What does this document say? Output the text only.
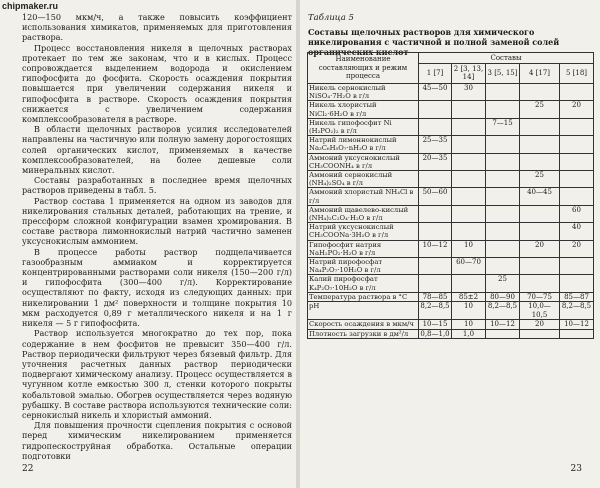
chipmaker.ru

120—150 мкм/ч, а также повысить коэффициент использования химикатов, применяемых для приготовления раствора.

Процесс восстановления никеля в щелочных растворах протекает по тем же законам, что и в кислых. Процесс сопровождается выделением водорода и окислением гипофосфита до фосфита. Скорость осаждения покрытия повышается при увеличении содержания никеля и гипофосфита в растворе. Скорость осаждения покрытия снижается с увеличением содержания комплексообразователя в растворе.

В области щелочных растворов усилия исследователей направлены на частичную или полную замену дорогостоящих солей органических кислот, применяемых в качестве комплексообразователей, на более дешевые соли минеральных кислот.

Составы разработанных в последнее время щелочных растворов приведены в табл. 5.

Раствор состава 1 применяется на одном из заводов для никелирования стальных деталей, работающих на трение, и прессформ сложной конфигурации взамен хромирования. В составе раствора лимоннокислый натрий частично заменен уксуснокислым аммонием.

В процессе работы раствор подщелачивается газообразным аммиаком и корректируется концентрированными растворами соли никеля (150—200 г/л) и гипофосфита (300—400 г/л). Корректирование осуществляют по факту, исходя из следующих данных: при никелировании 1 дм² поверхности и толщине покрытия 10 мкм расходуется 0,89 г металлического никеля и на 1 г никеля — 5 г гипофосфита.

Раствор используется многократно до тех пор, пока содержание в нем фосфитов не превысит 350—400 г/л. Раствор периодически фильтруют через бязевый фильтр. Для уточнения расчетных данных раствор периодически подвергают химическому анализу. Процесс осуществляется в чугунном котле емкостью 300 л, стенки которого покрыты кобальтовой эмалью. Обогрев осуществляется через водяную рубашку. В составе раствора используются технические соли: сернокислый никель и хлористый аммоний.

Для повышения прочности сцепления покрытия с основой перед химическим никелированием применяется гидропескоструйная обработка. Остальные операции подготовки

22	23
Таблица 5
Составы щелочных растворов для химического никелирования с частичной и полной заменой солей органических кислот
Наименование составляющих и режим процесса	Составы				
	1 [7]	2 [3, 13, 14]	3 [5, 15]	4 [17]	5 [18]
Никель сернокислый NiSO₄·7H₂O в г/л	45—50	30			
Никель хлористый NiCl₂·6H₂O в г/л				25	20
Никель гипофосфит Ni (H₂PO₂)₂ в г/л			7—15		
Натрий лимоннокислый Na₃C₆H₅O₇·nH₂O в г/л	25—35				
Аммоний уксуснокислый CH₃COONH₄ в г/л	20—35				
Аммоний сернокислый (NH₄)₂SO₄ в г/л				25	
Аммоний хлористый NH₄Cl в г/л	50—60			40—45	
Аммоний щавелево-кислый (NH₄)₂C₂O₄·H₂O в г/л					60
Натрий уксуснокислый CH₃COONa·3H₂O в г/л					40
Гипофосфит натрия NaH₂PO₂·H₂O в г/л	10—12	10		20	20
Натрий пирофосфат Na₄P₂O₇·10H₂O в г/л		60—70			
Калий пирофосфат K₄P₂O₇·10H₂O в г/л			25		
Температура раствора в °C	78—85	85±2	80—90	70—75	85—87
pH	8,2—8,5	10	8,2—8,5	10,0—10,5	8,2—8,5
Скорость осаждения в мкм/ч	10—15	10	10—12	20	10—12
Плотность загрузки в дм²/л	0,8—1,0	1,0			
